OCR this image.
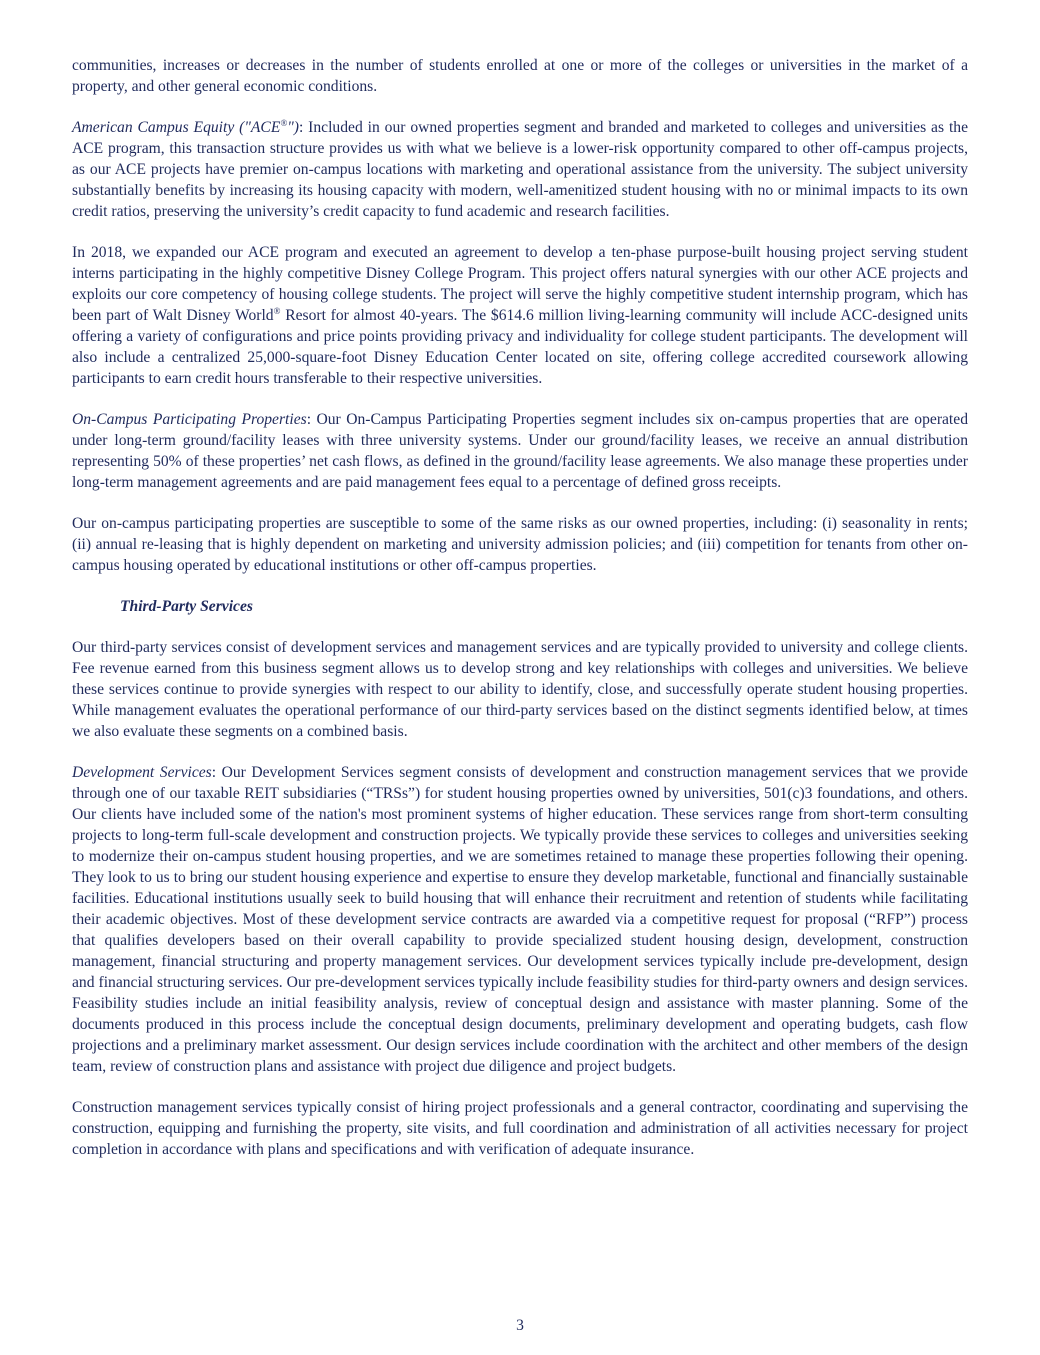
communities, increases or decreases in the number of students enrolled at one or more of the colleges or universities in the market of a property, and other general economic conditions.

American Campus Equity ("ACE®"): Included in our owned properties segment and branded and marketed to colleges and universities as the ACE program, this transaction structure provides us with what we believe is a lower-risk opportunity compared to other off-campus projects, as our ACE projects have premier on-campus locations with marketing and operational assistance from the university. The subject university substantially benefits by increasing its housing capacity with modern, well-amenitized student housing with no or minimal impacts to its own credit ratios, preserving the university’s credit capacity to fund academic and research facilities.

In 2018, we expanded our ACE program and executed an agreement to develop a ten-phase purpose-built housing project serving student interns participating in the highly competitive Disney College Program. This project offers natural synergies with our other ACE projects and exploits our core competency of housing college students. The project will serve the highly competitive student internship program, which has been part of Walt Disney World® Resort for almost 40-years. The $614.6 million living-learning community will include ACC-designed units offering a variety of configurations and price points providing privacy and individuality for college student participants. The development will also include a centralized 25,000-square-foot Disney Education Center located on site, offering college accredited coursework allowing participants to earn credit hours transferable to their respective universities.

On-Campus Participating Properties: Our On-Campus Participating Properties segment includes six on-campus properties that are operated under long-term ground/facility leases with three university systems. Under our ground/facility leases, we receive an annual distribution representing 50% of these properties’ net cash flows, as defined in the ground/facility lease agreements. We also manage these properties under long-term management agreements and are paid management fees equal to a percentage of defined gross receipts.

Our on-campus participating properties are susceptible to some of the same risks as our owned properties, including: (i) seasonality in rents; (ii) annual re-leasing that is highly dependent on marketing and university admission policies; and (iii) competition for tenants from other on-campus housing operated by educational institutions or other off-campus properties.

Third-Party Services

Our third-party services consist of development services and management services and are typically provided to university and college clients. Fee revenue earned from this business segment allows us to develop strong and key relationships with colleges and universities. We believe these services continue to provide synergies with respect to our ability to identify, close, and successfully operate student housing properties. While management evaluates the operational performance of our third-party services based on the distinct segments identified below, at times we also evaluate these segments on a combined basis.

Development Services: Our Development Services segment consists of development and construction management services that we provide through one of our taxable REIT subsidiaries (“TRSs”) for student housing properties owned by universities, 501(c)3 foundations, and others. Our clients have included some of the nation's most prominent systems of higher education. These services range from short-term consulting projects to long-term full-scale development and construction projects. We typically provide these services to colleges and universities seeking to modernize their on-campus student housing properties, and we are sometimes retained to manage these properties following their opening. They look to us to bring our student housing experience and expertise to ensure they develop marketable, functional and financially sustainable facilities. Educational institutions usually seek to build housing that will enhance their recruitment and retention of students while facilitating their academic objectives. Most of these development service contracts are awarded via a competitive request for proposal (“RFP”) process that qualifies developers based on their overall capability to provide specialized student housing design, development, construction management, financial structuring and property management services. Our development services typically include pre-development, design and financial structuring services. Our pre-development services typically include feasibility studies for third-party owners and design services. Feasibility studies include an initial feasibility analysis, review of conceptual design and assistance with master planning. Some of the documents produced in this process include the conceptual design documents, preliminary development and operating budgets, cash flow projections and a preliminary market assessment. Our design services include coordination with the architect and other members of the design team, review of construction plans and assistance with project due diligence and project budgets.

Construction management services typically consist of hiring project professionals and a general contractor, coordinating and supervising the construction, equipping and furnishing the property, site visits, and full coordination and administration of all activities necessary for project completion in accordance with plans and specifications and with verification of adequate insurance.

3
